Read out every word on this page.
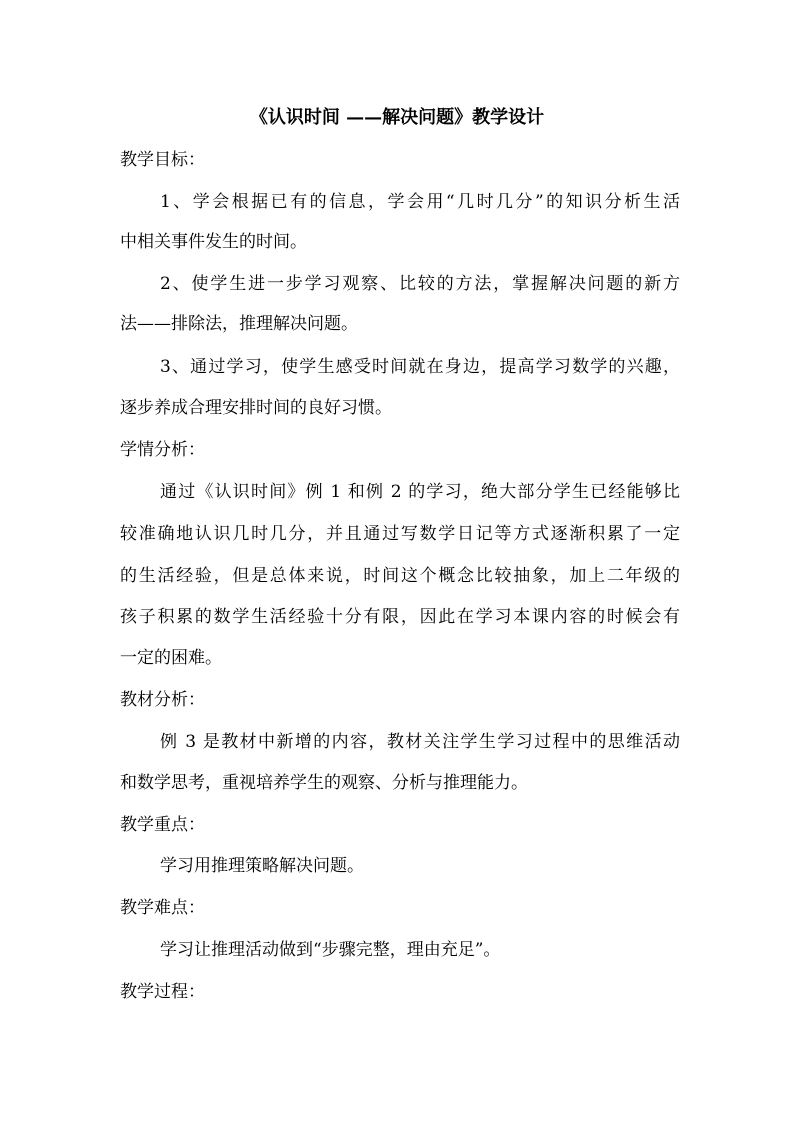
《认识时间 ——解决问题》教学设计
教学目标：
1、学会根据已有的信息，学会用“几时几分”的知识分析生活
中相关事件发生的时间。
2、使学生进一步学习观察、比较的方法，掌握解决问题的新方
法——排除法，推理解决问题。
3、通过学习，使学生感受时间就在身边，提高学习数学的兴趣，
逐步养成合理安排时间的良好习惯。
学情分析：
通过《认识时间》例 1 和例 2 的学习，绝大部分学生已经能够比
较准确地认识几时几分，并且通过写数学日记等方式逐渐积累了一定
的生活经验，但是总体来说，时间这个概念比较抽象，加上二年级的
孩子积累的数学生活经验十分有限，因此在学习本课内容的时候会有
一定的困难。
教材分析：
例 3 是教材中新增的内容，教材关注学生学习过程中的思维活动
和数学思考，重视培养学生的观察、分析与推理能力。
教学重点：
学习用推理策略解决问题。
教学难点：
学习让推理活动做到“步骤完整，理由充足”。
教学过程：
